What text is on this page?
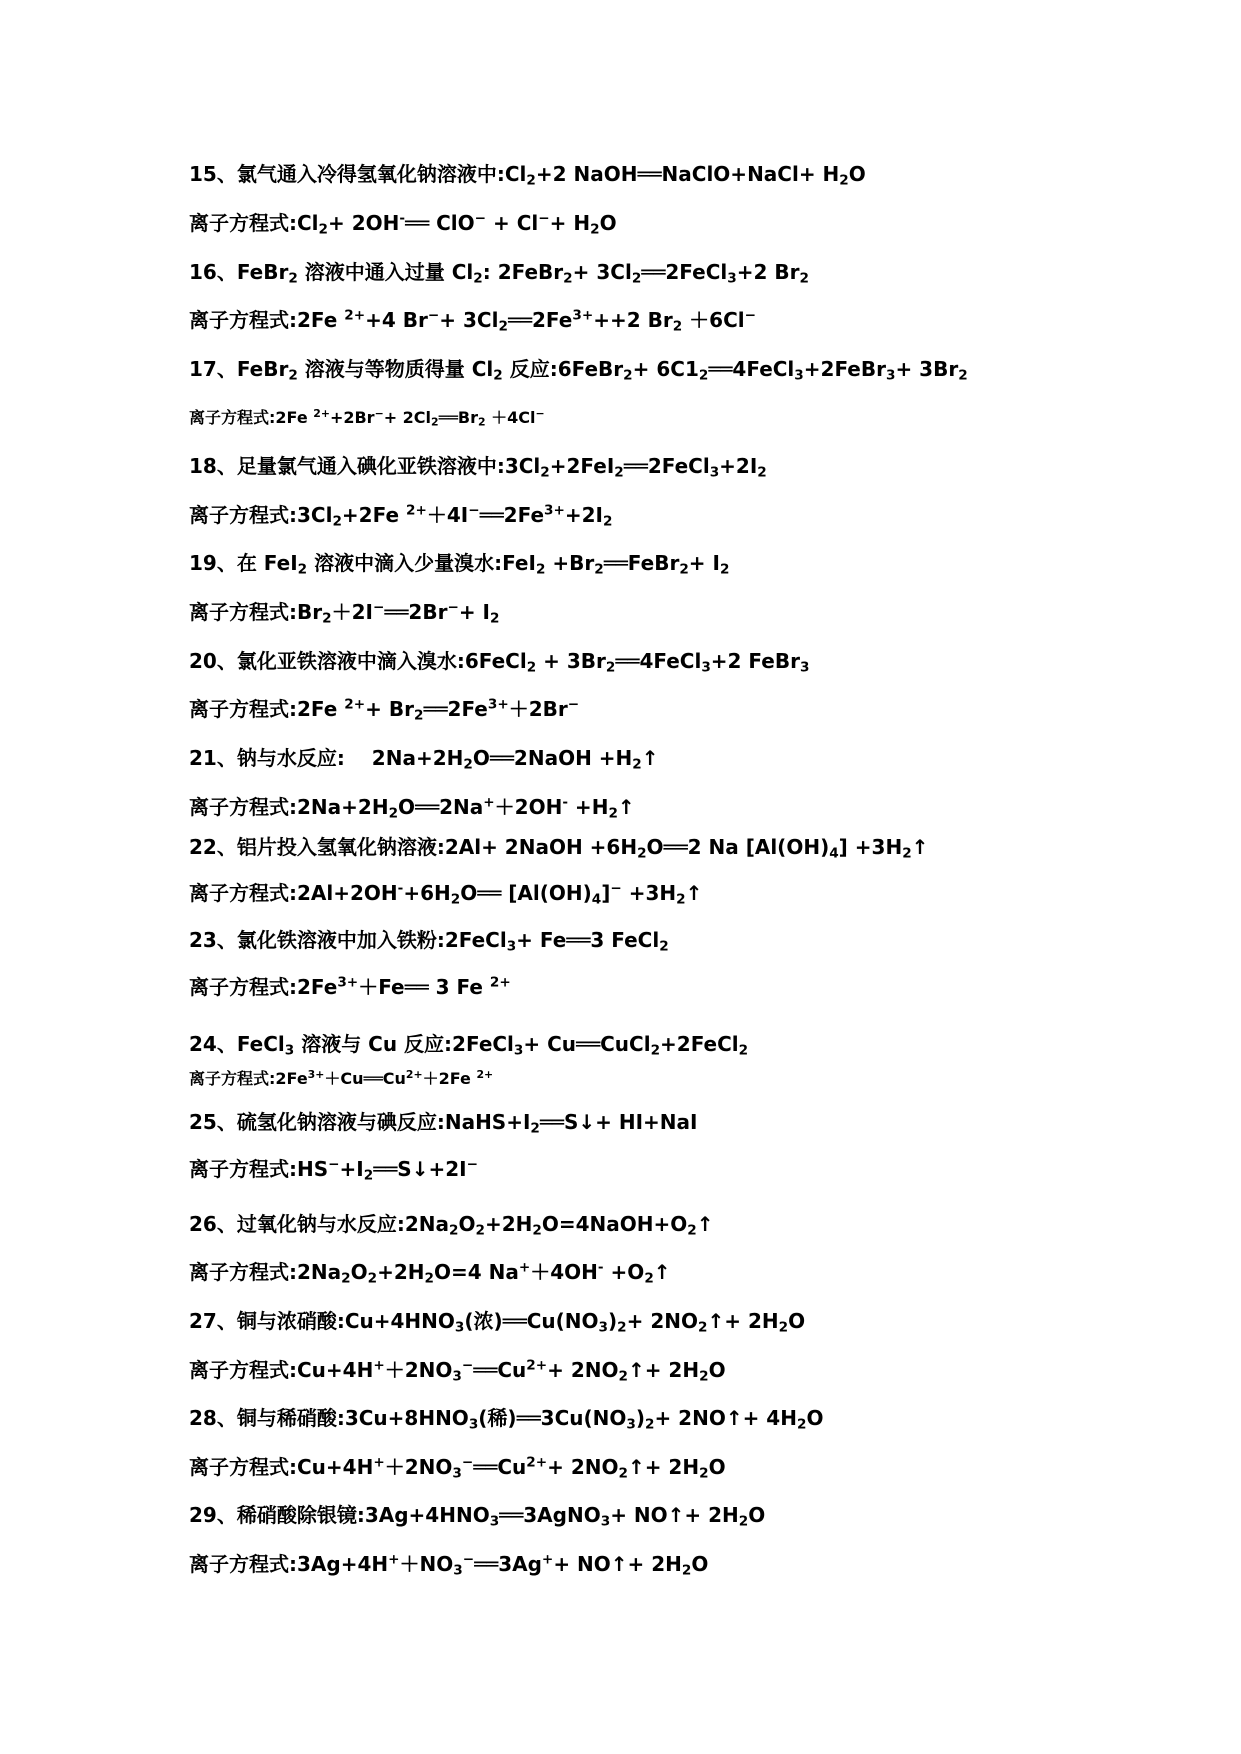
15、氯气通入冷得氢氧化钠溶液中$:Cl_2+2$ NaOH══NaClO+NaCl+ $H_2O$
离子方程式$:Cl_2+$ 2OH-══ $ClO^- + Cl^-+ H_2O$
16、FeBr$_2$ 溶液中通入过量 $Cl_2$: 2FeBr$_2$+ $3Cl_2══2FeCl_3+2$ $Br_2$
离子方程式:2Fe $^{2+}$+4 $Br^-+ 3Cl_2══2Fe^{3+}++2$ $Br_2 +6Cl^-$
17、FeBr$_2$ 溶液与等物质得量 $Cl_2$ 反应:6FeBr$_2$+ $6C1_2══4FeCl_3+2FeBr_3+ 3Br_2$
离子方程式:2Fe $^{2+}+2Br^-+ 2Cl_2══Br_2 +4Cl^-$
18、足量氯气通入碘化亚铁溶液中$:3Cl_2+2FeI_2══2FeCl_3+2I_2$
离子方程式$:3Cl_2+2Fe$ $^{2+}+4I^-══2Fe^{3+}+2I_2$
19、在 FeI$_2$ 溶液中滴入少量溴水:FeI$_2$ $+Br_2══FeBr_2+ I_2$
离子方程式$:Br_2+2I^-══2Br^-+ I_2$
20、氯化亚铁溶液中滴入溴水:6FeCl$_2$ + $3Br_2══4FeCl_3+2$ FeBr$_3$
离子方程式:2Fe $^{2+}+ Br_2══2Fe^{3+}+2Br^-$
21、钠与水反应:　 $2Na+2H_2O══2NaOH$ $+H_2↑$
离子方程式$:2Na+2H_2O══2Na^++2OH^-$ $+H_2↑$
22、铝片投入氢氧化钠溶液:2Al+ 2NaOH $+6H_2O══2$ Na $[Al(OH)_4]$ $+3H_2↑$
离子方程式$:2Al+2OH^-+6H_2O══$ $[Al(OH)_4]^-$ $+3H_2↑$
23、氯化铁溶液中加入铁粉:2FeCl$_3$+ Fe══3 FeCl$_2$
离子方程式$:2Fe^{3+}+Fe══$ 3 Fe $^{2+}$
24、FeCl$_3$ 溶液与 Cu 反应:2FeCl$_3$+ Cu══CuCl$_2$+2FeCl$_2$
离子方程式$:2Fe^{3+}+Cu══Cu^{2+}+2Fe$ $^{2+}$
25、硫氢化钠溶液与碘反应$:NaHS+I_2══S↓+ HI+NaI$
离子方程式$:HS^-+I_2══S↓+2I^-$
26、过氧化钠与水反应$:2Na_2O_2+2H_2O=4NaOH+O_2↑$
离子方程式$:2Na_2O_2+2H_2O=4$ $Na^++4OH^- +O_2↑$
27、铜与浓硝酸$:Cu+4HNO_3$(浓)$══Cu(NO_3)_2+$ $2NO_2↑+ 2H_2O$
离子方程式$:Cu+4H^++2NO_3^-══Cu^{2+}+$ $2NO_2↑+ 2H_2O$
28、铜与稀硝酸$:3Cu+8HNO_3$(稀)$══3Cu(NO_3)_2+$ 2NO↑+ $4H_2O$
离子方程式$:Cu+4H^++2NO_3^-══Cu^{2+}+$ $2NO_2↑+ 2H_2O$
29、稀硝酸除银镜$:3Ag+4HNO_3══3AgNO_3+$ NO↑+ $2H_2O$
离子方程式$:3Ag+4H^++NO_3^-══3Ag^++$ NO↑+ $2H_2O$
